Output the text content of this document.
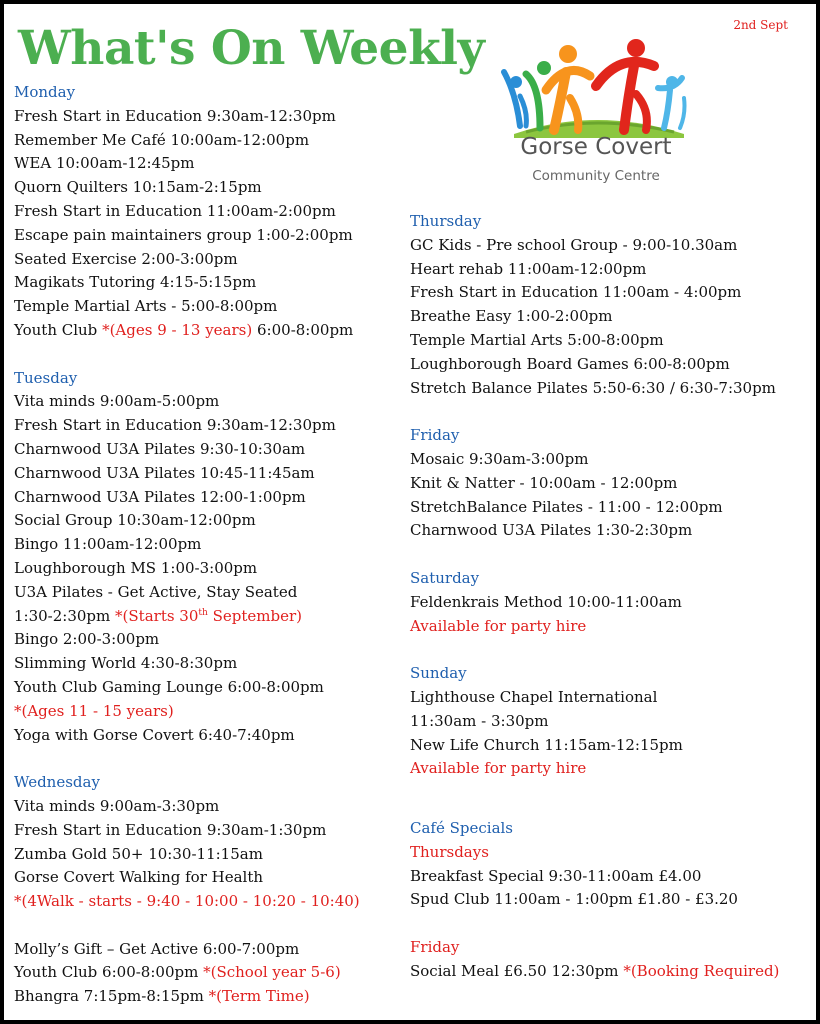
2nd Sept
What's On Weekly
Gorse Covert
Community Centre
Monday
Fresh Start in Education 9:30am-12:30pm
Remember Me Café 10:00am-12:00pm
WEA 10:00am-12:45pm
Quorn Quilters 10:15am-2:15pm
Fresh Start in Education 11:00am-2:00pm
Escape pain maintainers group 1:00-2:00pm
Seated Exercise 2:00-3:00pm
Magikats Tutoring 4:15-5:15pm
Temple Martial Arts - 5:00-8:00pm
Youth Club *(Ages 9 - 13 years) 6:00-8:00pm
Tuesday
Vita minds 9:00am-5:00pm
Fresh Start in Education 9:30am-12:30pm
Charnwood U3A Pilates 9:30-10:30am
Charnwood U3A Pilates 10:45-11:45am
Charnwood U3A Pilates 12:00-1:00pm
Social Group 10:30am-12:00pm
Bingo 11:00am-12:00pm
Loughborough MS 1:00-3:00pm
U3A Pilates - Get Active, Stay Seated
1:30-2:30pm *(Starts 30th September)
Bingo 2:00-3:00pm
Slimming World 4:30-8:30pm
Youth Club Gaming Lounge 6:00-8:00pm
*(Ages 11 - 15 years)
Yoga with Gorse Covert 6:40-7:40pm
Wednesday
Vita minds 9:00am-3:30pm
Fresh Start in Education 9:30am-1:30pm
Zumba Gold 50+ 10:30-11:15am
Gorse Covert Walking for Health
*(4Walk - starts - 9:40 - 10:00 - 10:20 - 10:40)
Molly’s Gift – Get Active 6:00-7:00pm
Youth Club 6:00-8:00pm *(School year 5-6)
Bhangra 7:15pm-8:15pm *(Term Time)
Thursday
GC Kids - Pre school Group - 9:00-10.30am
Heart rehab 11:00am-12:00pm
Fresh Start in Education 11:00am - 4:00pm
Breathe Easy 1:00-2:00pm
Temple Martial Arts 5:00-8:00pm
Loughborough Board Games 6:00-8:00pm
Stretch Balance Pilates 5:50-6:30 / 6:30-7:30pm
Friday
Mosaic 9:30am-3:00pm
Knit & Natter - 10:00am - 12:00pm
StretchBalance Pilates - 11:00 - 12:00pm
Charnwood U3A Pilates 1:30-2:30pm
Saturday
Feldenkrais Method 10:00-11:00am
Available for party hire
Sunday
Lighthouse Chapel International
11:30am - 3:30pm
New Life Church 11:15am-12:15pm
Available for party hire
Café Specials
Thursdays
Breakfast Special 9:30-11:00am £4.00
Spud Club 11:00am - 1:00pm £1.80 - £3.20
Friday
Social Meal £6.50 12:30pm *(Booking Required)
